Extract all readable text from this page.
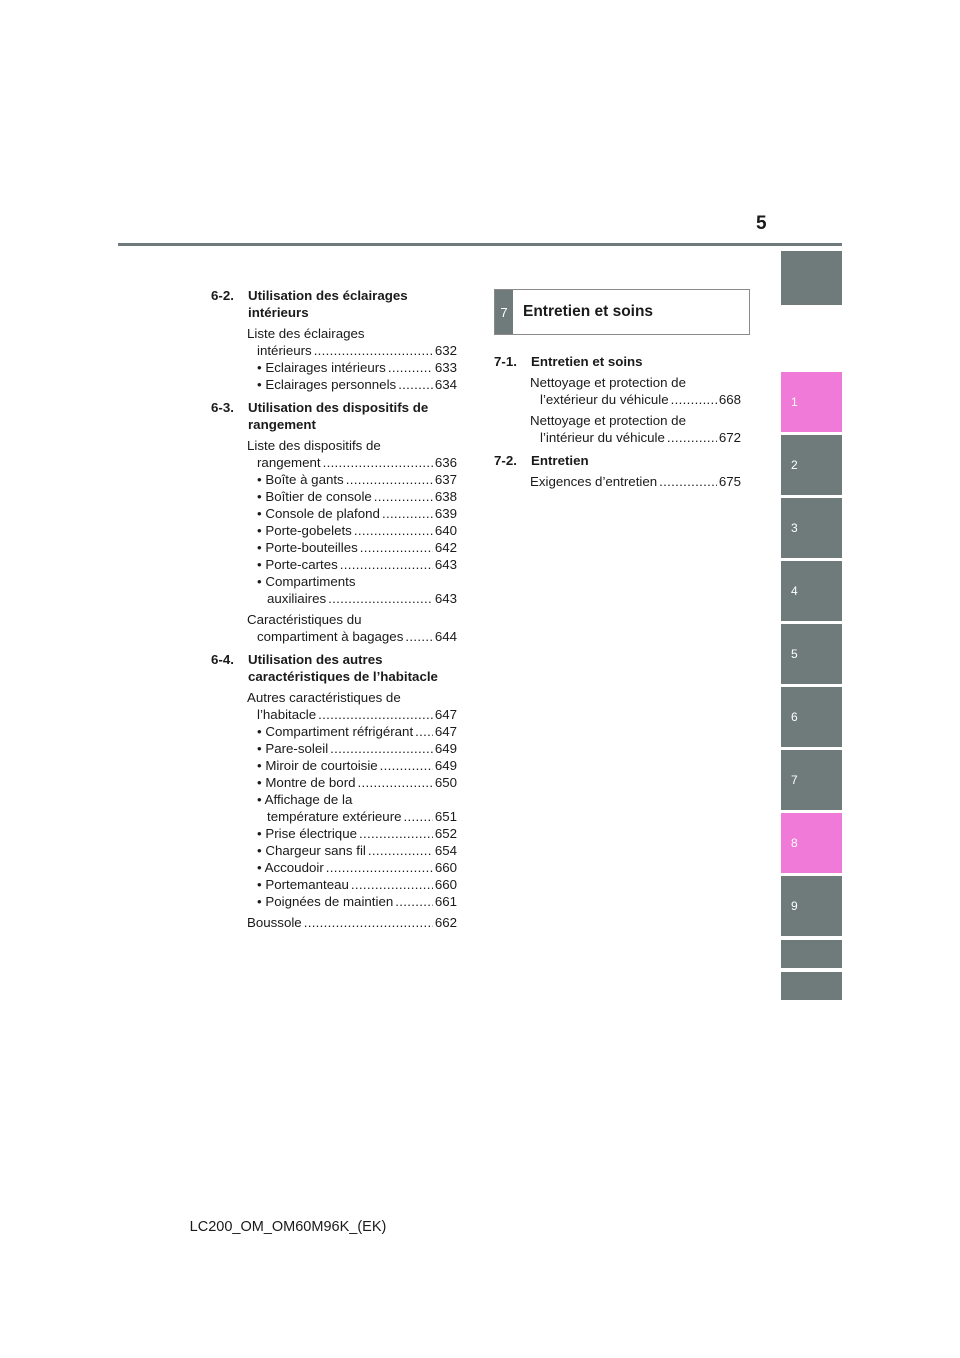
5
1
2
3
4
5
6
7
8
9
6-2.	Utilisation des éclairages intérieurs
Liste des éclairages
intérieurs .....	632
• Eclairages intérieurs .....	633
• Eclairages personnels .....	634
6-3.	Utilisation des dispositifs de rangement
Liste des dispositifs de
rangement .....	636
• Boîte à gants .....	637
• Boîtier de console .....	638
• Console de plafond .....	639
• Porte-gobelets .....	640
• Porte-bouteilles .....	642
• Porte-cartes .....	643
• Compartiments
auxiliaires .....	643
Caractéristiques du
compartiment à bagages ..... 644
6-4.	Utilisation des autres caractéristiques de l’habitacle
Autres caractéristiques de
l’habitacle .....	647
• Compartiment réfrigérant ..... 647
• Pare-soleil .....	649
• Miroir de courtoisie .....	649
• Montre de bord .....	650
• Affichage de la
température extérieure .....	651
• Prise électrique .....	652
• Chargeur sans fil .....	654
• Accoudoir .....	660
• Portemanteau .....	660
• Poignées de maintien .....	661
Boussole .....	662
7 Entretien et soins
7-1.	Entretien et soins
Nettoyage et protection de
l’extérieur du véhicule .....	668
Nettoyage et protection de
l’intérieur du véhicule .....	672
7-2.	Entretien
Exigences d’entretien .....	675
LC200_OM_OM60M96K_(EK)
